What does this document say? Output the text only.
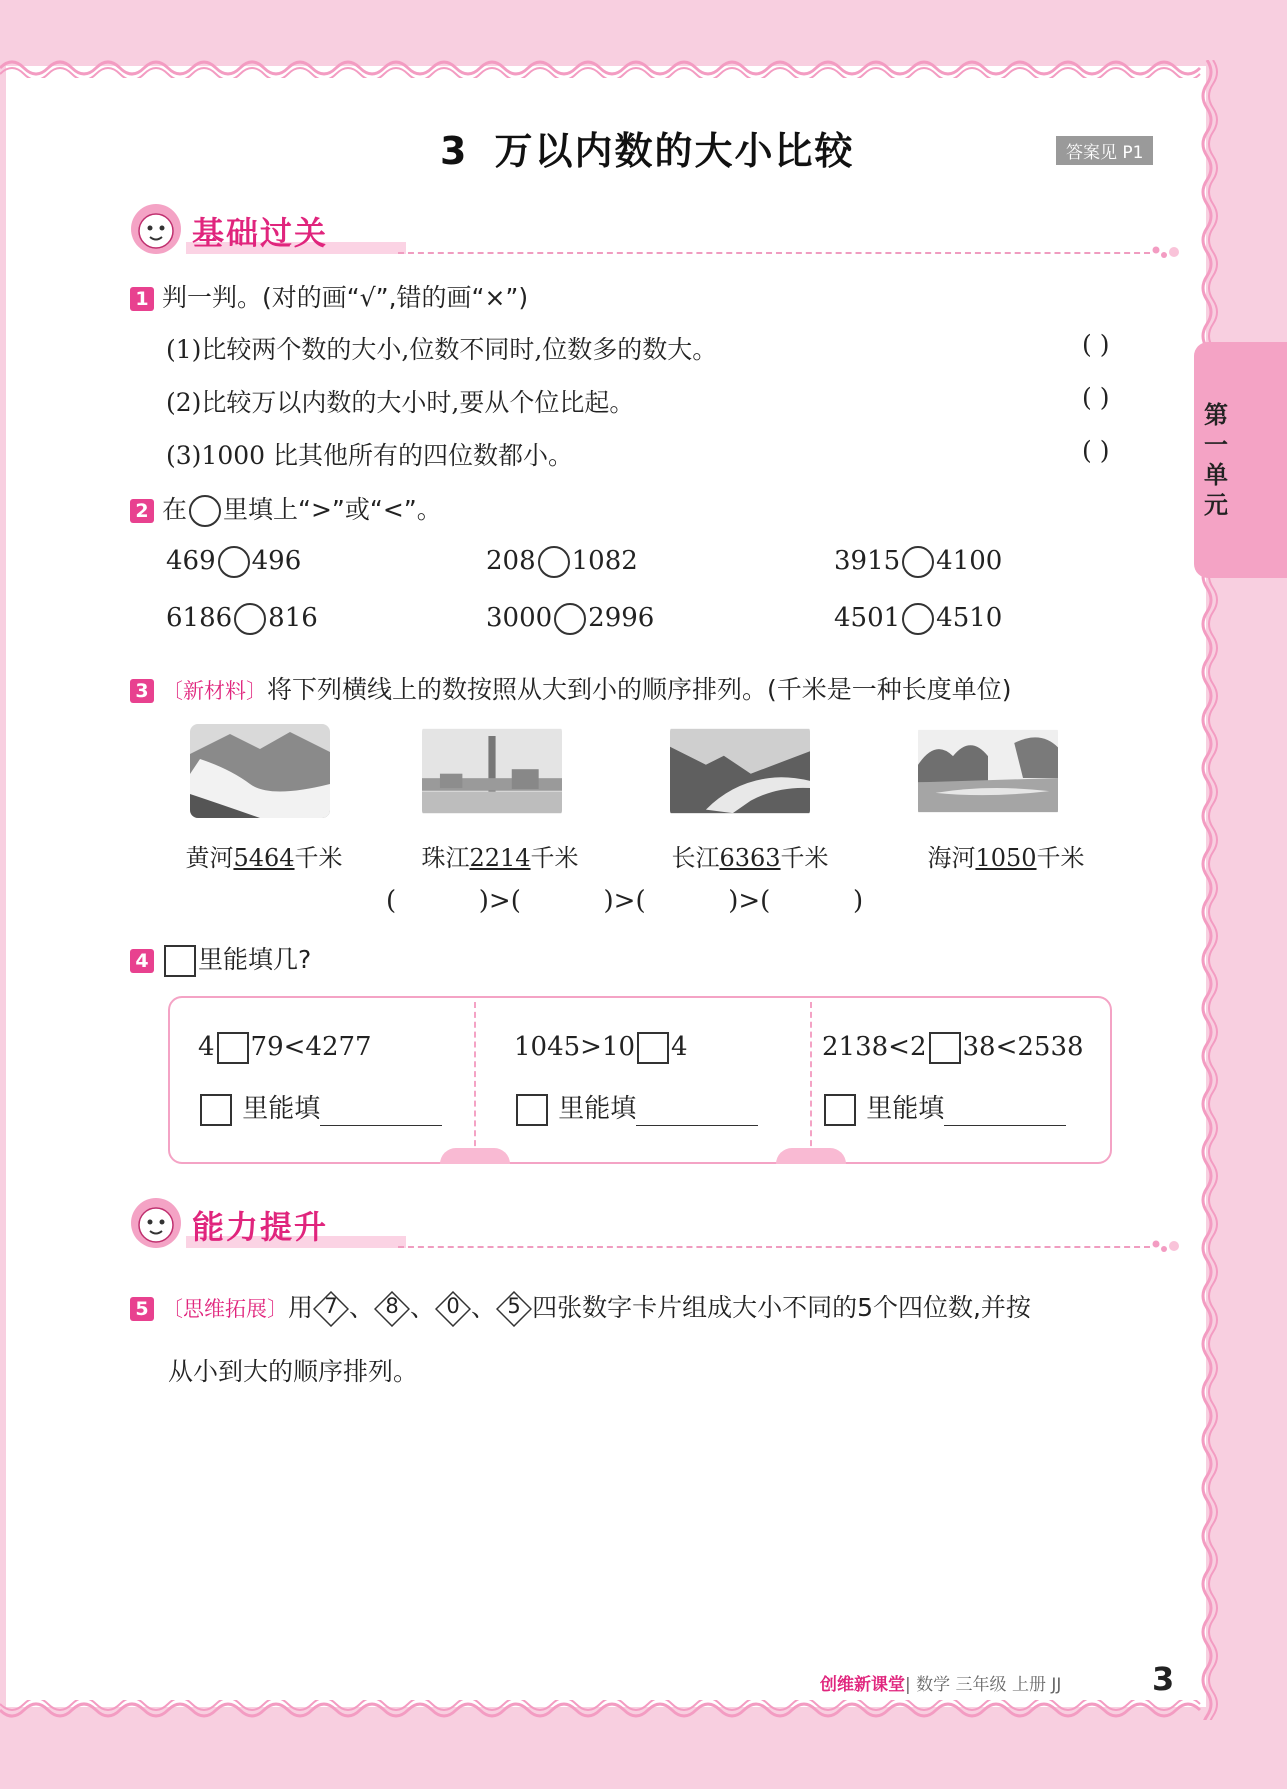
第一单元
3 万以内数的大小比较	答案见 P1
基础过关
1 判一判。(对的画“√”,错的画“×”)
(1)比较两个数的大小,位数不同时,位数多的数大。	( )
(2)比较万以内数的大小时,要从个位比起。	( )
(3)1000 比其他所有的四位数都小。	( )
2 在 里填上“>”或“<”。
469 496	208 1082	3915 4100
6186 816	3000 2996	4501 4510
3 〔新材料〕将下列横线上的数按照从大到小的顺序排列。(千米是一种长度单位)
黄河5464千米	珠江2214千米	长江6363千米	海河1050千米
(          )>(          )>(          )>(          )
4 里能填几?
4 79<4277
里能填
1045>10 4
里能填
2138<2 38<2538
里能填
能力提升
5 〔思维拓展〕用 7 、 8 、 0 、 5 四张数字卡片组成大小不同的5个四位数,并按
从小到大的顺序排列。
创维新课堂| 数学 三年级 上册 JJ	3
